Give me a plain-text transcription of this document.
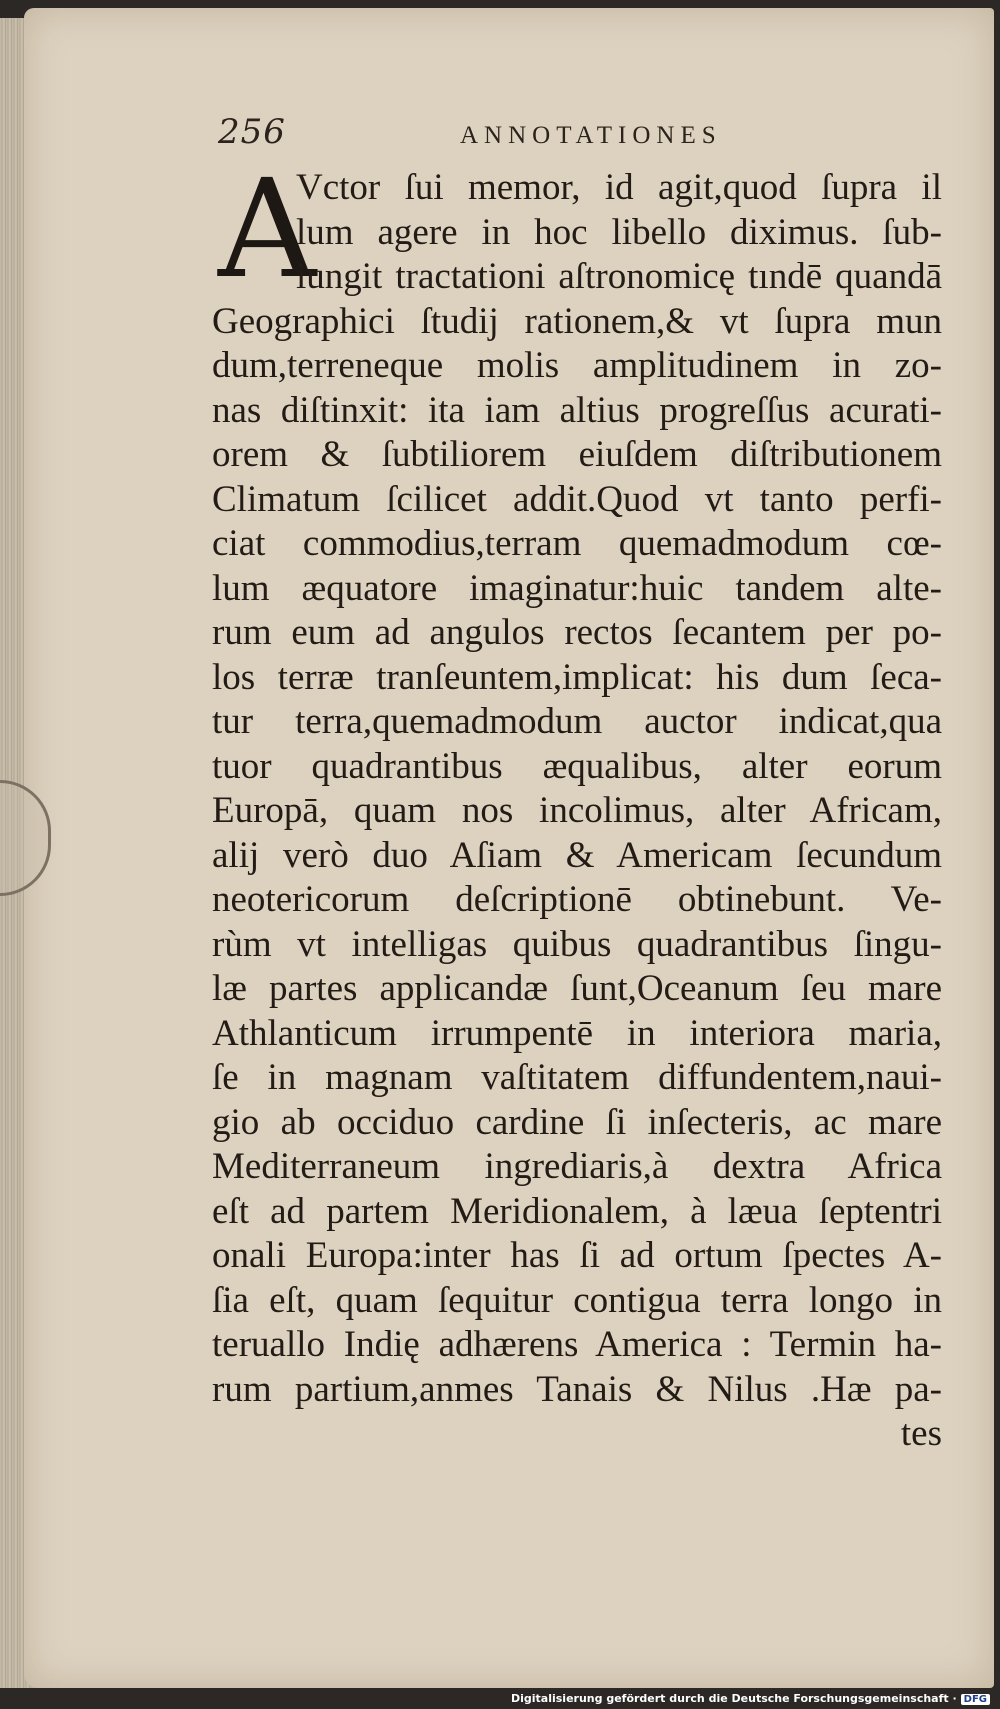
256	ANNOTATIONES
A
Vctor ſui memor, id agit,quod ſupra il
lum agere in hoc libello diximus. ſub-
iungit tractationi aſtronomicę tındē quandā
Geographici ſtudij rationem,& vt ſupra mun
dum,terreneque molis amplitudinem in zo-
nas diſtinxit: ita iam altius progreſſus acurati-
orem & ſubtiliorem eiuſdem diſtributionem
Climatum ſcilicet addit.Quod vt tanto perfi-
ciat commodius,terram quemadmodum cœ-
lum æquatore imaginatur:huic tandem alte-
rum eum ad angulos rectos ſecantem per po-
los terræ tranſeuntem,implicat: his dum ſeca-
tur terra,quemadmodum auctor indicat,qua
tuor quadrantibus æqualibus, alter eorum
Europā, quam nos incolimus, alter Africam,
alij verò duo Aſiam & Americam ſecundum
neotericorum deſcriptionē obtinebunt. Ve-
rùm vt intelligas quibus quadrantibus ſingu-
læ partes applicandæ ſunt,Oceanum ſeu mare
Athlanticum irrumpentē in interiora maria,
ſe in magnam vaſtitatem diffundentem,naui-
gio ab occiduo cardine ſi inſecteris, ac mare
Mediterraneum ingrediaris,à dextra Africa
eſt ad partem Meridionalem, à læua ſeptentri
onali Europa:inter has ſi ad ortum ſpectes A-
ſia eſt, quam ſequitur contigua terra longo in
teruallo Indię adhærens America : Termin ha-
rum partium,anmes Tanais & Nilus .Hæ pa-
tes
Digitalisierung gefördert durch die Deutsche Forschungsgemeinschaft · DFG
